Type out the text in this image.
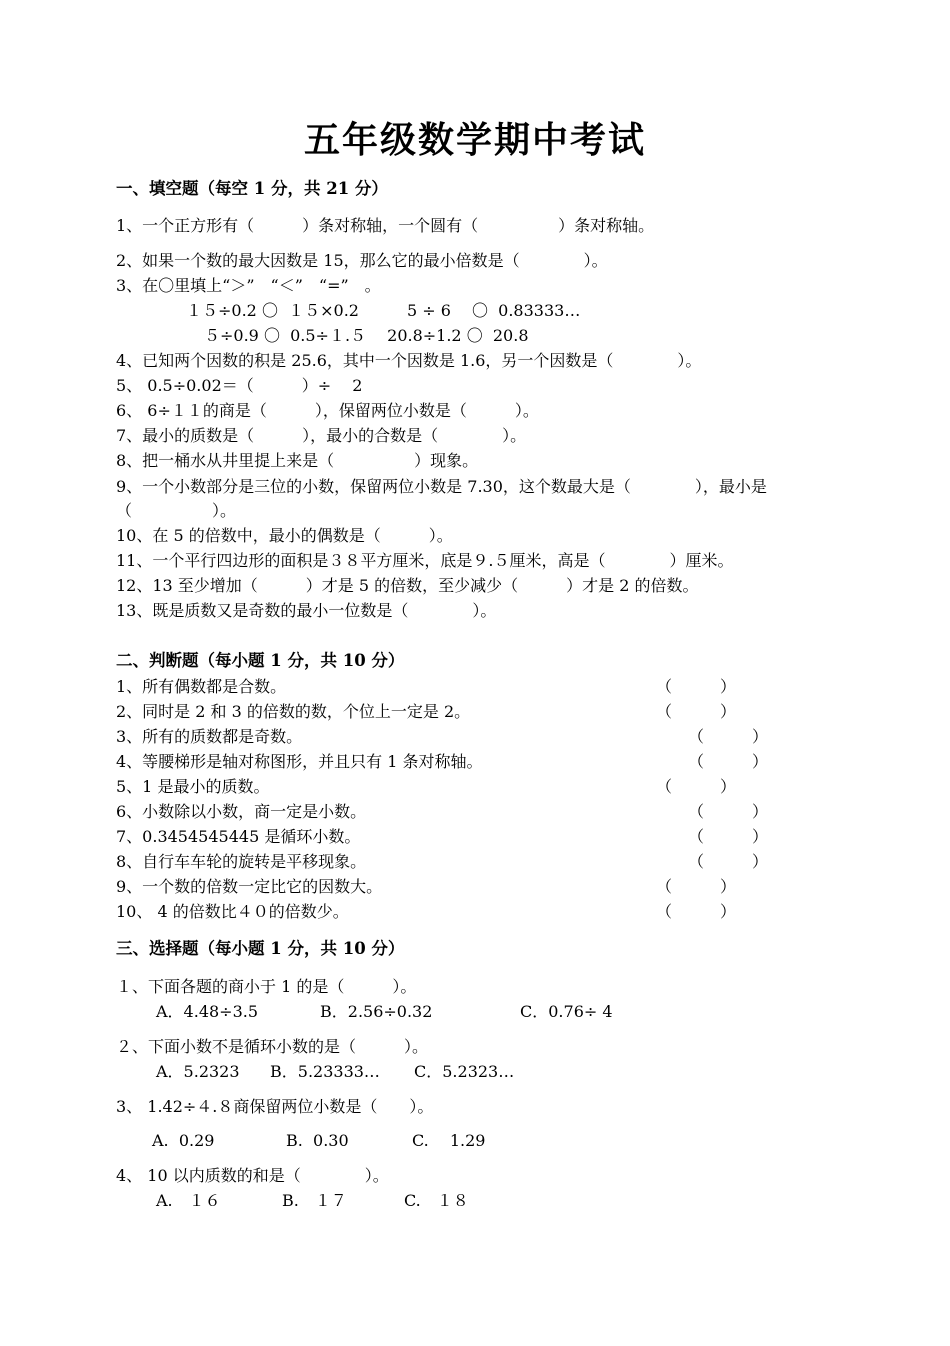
五年级数学期中考试
一、填空题（每空 1 分，共 21 分）
1、一个正方形有（　　　）条对称轴，一个圆有（　　　　　）条对称轴。
2、如果一个数的最大因数是 15，那么它的最小倍数是（　　　　）。
3、在〇里填上“＞”　“＜”　“=”　。
１５÷0.2 〇  １５×0.2　　　5 ÷ 6　 〇  0.83333…
５÷0.9 〇  0.5÷１.５　 20.8÷1.2 〇  20.8
4、已知两个因数的积是 25.6，其中一个因数是 1.6，另一个因数是（　　　　）。
5、 0.5÷0.02＝（　　　）÷　 2
6、 6÷１１的商是（　　　），保留两位小数是（　　　）。
7、最小的质数是（　　　），最小的合数是（　　　　）。
8、把一桶水从井里提上来是（　　　　　）现象。
9、一个小数部分是三位的小数，保留两位小数是 7.30，这个数最大是（　　　　），最小是
（　　　　　）。
10、在 5 的倍数中，最小的偶数是（　　　）。
11、一个平行四边形的面积是３８平方厘米，底是９.５厘米，高是（　　　　）厘米。
12、13 至少增加（　　　）才是 5 的倍数，至少减少（　　　）才是 2 的倍数。
13、既是质数又是奇数的最小一位数是（　　　　）。
二、判断题（每小题 1 分，共 10 分）
1、所有偶数都是合数。	（　　　）
2、同时是 2 和 3 的倍数的数，个位上一定是 2。	（　　　）
3、所有的质数都是奇数。	（　　　）
4、等腰梯形是轴对称图形，并且只有 1 条对称轴。	（　　　）
5、1 是最小的质数。	（　　　）
6、小数除以小数，商一定是小数。	（　　　）
7、0.3454545445 是循环小数。	（　　　）
8、自行车车轮的旋转是平移现象。	（　　　）
9、一个数的倍数一定比它的因数大。	（　　　）
10、 4 的倍数比４０的倍数少。	（　　　）
三、选择题（每小题 1 分，共 10 分）
１、下面各题的商小于 1 的是（　　　）。
A．4.48÷3.5	B．2.56÷0.32	C．0.76÷ 4
２、下面小数不是循环小数的是（　　　）。
A．5.2323 B．5.23333… C．5.2323…
3、 1.42÷４.８商保留两位小数是（　　）。
A.  0.29	B.  0.30	C.　 1.29
4、 10 以内质数的和是（　　　　）。
A.　１６	B.　１７	C.　１８
